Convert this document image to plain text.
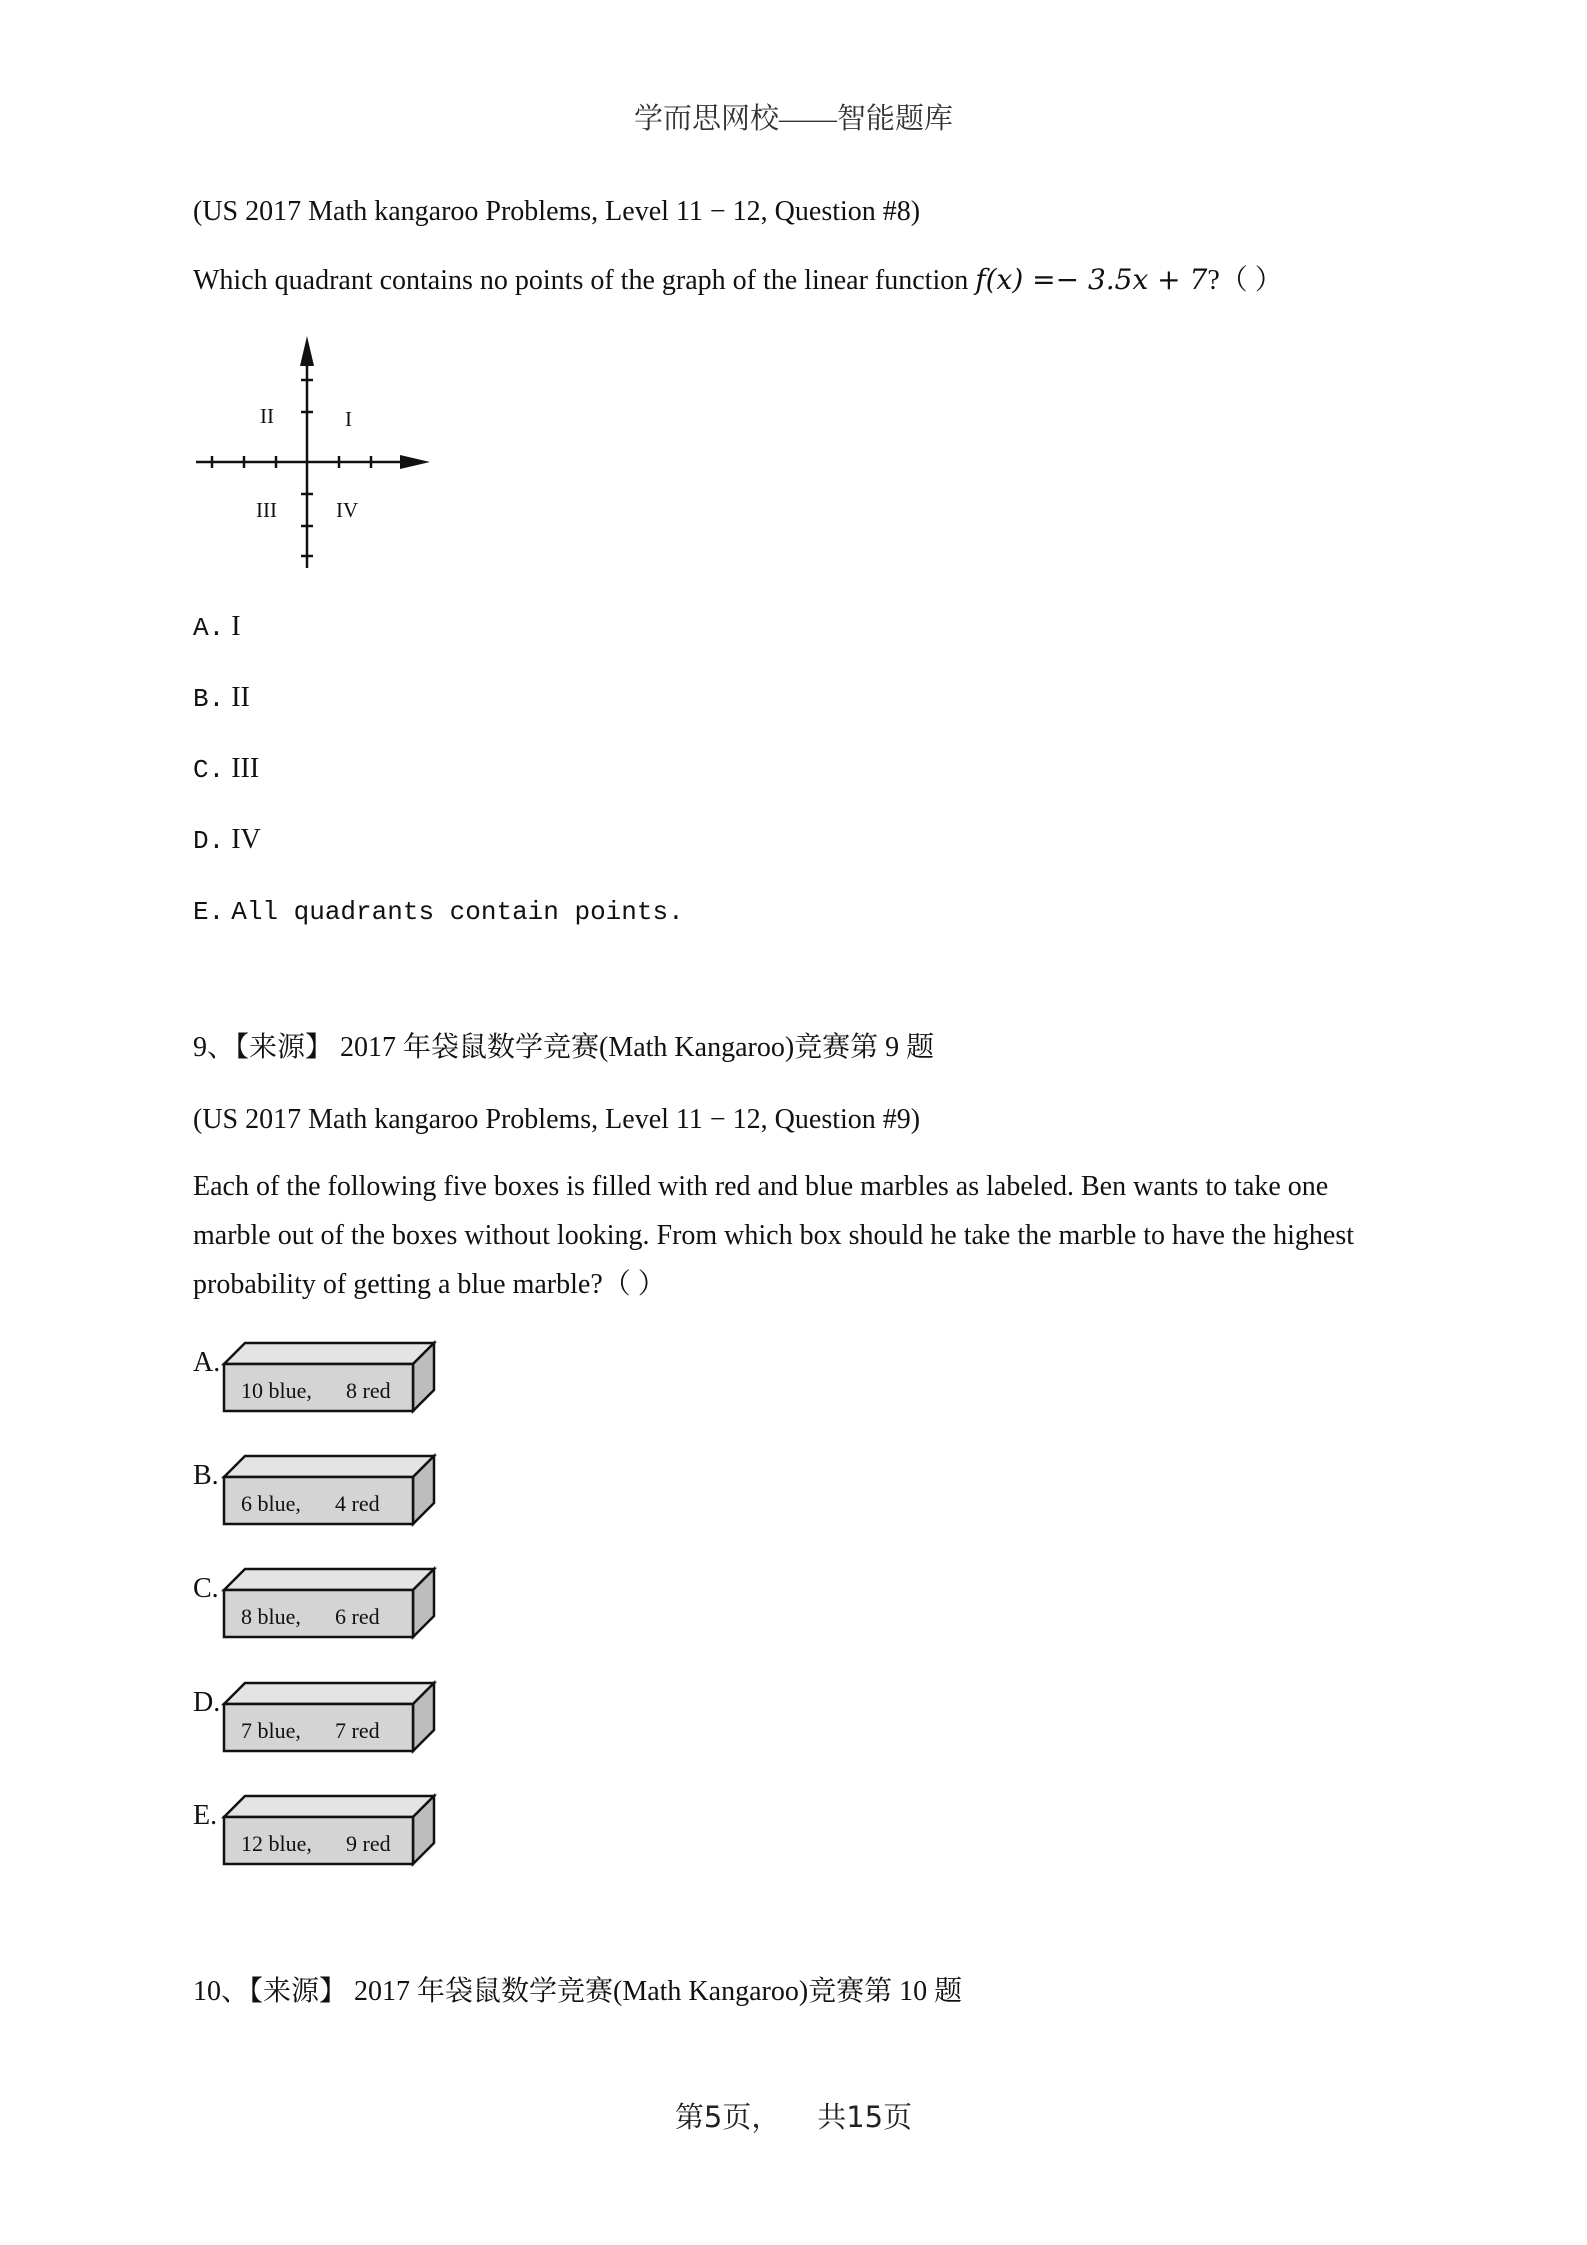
学而思网校——智能题库
(US 2017 Math kangaroo Problems, Level 11 − 12, Question #8)
Which quadrant contains no points of the graph of the linear function f(x) =− 3.5x + 7?（ ）
II	I
III	IV
A. I
B. II
C. III
D. IV
E. All quadrants contain points.
9、【来源】 2017 年袋鼠数学竞赛(Math Kangaroo)竞赛第 9 题
(US 2017 Math kangaroo Problems, Level 11 − 12, Question #9)
Each of the following five boxes is filled with red and blue marbles as labeled. Ben wants to take one
marble out of the boxes without looking. From which box should he take the marble to have the highest
probability of getting a blue marble?（ ）
A.
10 blue, 8 red
B.
6 blue, 4 red
C.
8 blue, 6 red
D.
7 blue, 7 red
E.
12 blue, 9 red
10、【来源】 2017 年袋鼠数学竞赛(Math Kangaroo)竞赛第 10 题
第5页，    共15页
